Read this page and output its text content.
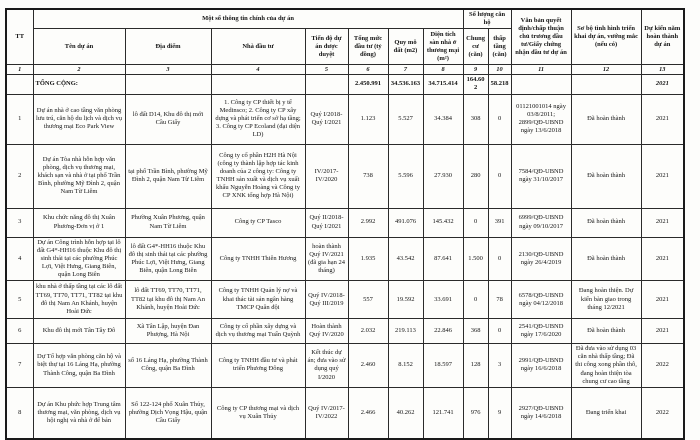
TT	Một số thông tin chính của dự án							Số lượng căn hộ		Văn bản quyết định/chấp thuận chủ trương đầu tư/Giấy chứng nhận đầu tư dự án	Sơ bộ tình hình triển khai dự án, vướng mắc (nếu có)	Dự kiến năm hoàn thành dự án
	Tên dự án	Địa điểm	Nhà đầu tư	Tiến độ dự án được duyệt	Tổng mức đầu tư (tỷ đồng)	Quy mô đất (m2)	Diện tích sàn nhà ở thương mại (m²)	Chung cư (căn)	thấp tầng (căn)			
1	2	3	4	5	6	7	8	9	10	11	12	13
	TỔNG CỘNG:				2.450.991	34.536.163	34.715.414	164.602	58.218			2021
1	Dự án nhà ở cao tầng văn phòng lưu trú, căn hộ du lịch và dịch vụ thương mại Eco Park View	lô đất D14, Khu đô thị mới Cầu Giấy	1. Công ty CP thiết bị y tế Medinsco; 2. Công ty CP xây dựng và phát triển cơ sở hạ tầng; 3. Công ty CP Ecoland (đại diện LD)	Quý I/2018-Quý I/2021	1.123	5.527	34.384	308	0	01121001014 ngày 03/8/2011; 2899/QĐ-UBND ngày 13/6/2018	Đã hoàn thành	2021
2	Dự án Tòa nhà hỗn hợp văn phòng, dịch vụ thương mại, khách sạn và nhà ở tại phố Trần Bình, phường Mỹ Đình 2, quận Nam Từ Liêm	tại phố Trần Bình, phường Mỹ Đình 2, quận Nam Từ Liêm	Công ty cổ phần H2H Hà Nội (công ty thành lập hợp tác kinh doanh của 2 công ty: Công ty TNHH sản xuất và dịch vụ xuất khẩu Nguyễn Hoàng và Công ty CP XNK tổng hợp Hà Nội)	IV/2017-IV/2020	738	5.596	27.930	280	0	7584/QĐ-UBND ngày 31/10/2017	Đã hoàn thành	2021
3	Khu chức năng đô thị Xuân Phương-Đơn vị ở 1	Phường Xuân Phương, quận Nam Từ Liêm	Công ty CP Tasco	Quý II/2018-Quý I/2021	2.992	491.076	145.432	0	391	6999/QĐ-UBND ngày 09/10/2017	Đã hoàn thành	2021
4	Dự án Công trình hỗn hợp tại lô đất G4*-HH16 thuộc Khu đô thị sinh thái tại các phường Phúc Lợi, Việt Hưng, Giang Biên, quận Long Biên	lô đất G4*-HH16 thuộc Khu đô thị sinh thái tại các phường Phúc Lợi, Việt Hưng, Giang Biên, quận Long Biên	Công ty TNHH Thiên Hương	hoàn thành Quý IV/2021 (đã gia hạn 24 tháng)	1.935	43.542	87.641	1.500	0	2130/QĐ-UBND ngày 26/4/2019	Đã hoàn thành	2021
5	khu nhà ở thấp tầng tại các lô đất TT69, TT70, TT71, TT82 tại khu đô thị Nam An Khánh, huyện Hoài Đức	lô đất TT69, TT70, TT71, TT82 tại khu đô thị Nam An Khánh, huyện Hoài Đức	Công ty TNHH Quản lý nợ và khai thác tài sản ngân hàng TMCP Quân đội	Quý IV/2018-Quý III/2019	557	19.592	33.691	0	78	6578/QĐ-UBND ngày 04/12/2018	Đang hoàn thiện. Dự kiến bàn giao trong tháng 12/2021	2021
6	Khu đô thị mới Tân Tây Đô	Xã Tân Lập, huyện Đan Phượng, Hà Nội	Công ty cổ phần xây dựng và dịch vụ thương mại Tuấn Quỳnh	Hoàn thành Quý IV/2020	2.032	219.113	22.846	368	0	2541/QĐ-UBND ngày 17/6/2020	Đã hoàn thành	2021
7	Dự Tổ hợp văn phòng căn hộ và biệt thự tại 16 Láng Hạ, phường Thành Công, quận Ba Đình	số 16 Láng Hạ, phường Thành Công, quận Ba Đình	Công ty TNHH đầu tư và phát triển Phương Đông	Kết thúc dự án; đưa vào sử dụng quý I/2020	2.460	8.152	18.597	128	3	2991/QĐ-UBND ngày 16/6/2018	Đã đưa vào sử dụng 03 căn nhà thấp tầng; Đã thi công xong phần thô, đang hoàn thiện tòa chung cư cao tầng	2022
8	Dự án Khu phức hợp Trung tâm thương mại, văn phòng, dịch vụ hội nghị và nhà ở để bán	Số 122-124 phố Xuân Thủy, phường Dịch Vọng Hậu, quận Cầu Giấy	Công ty CP thương mại và dịch vụ Xuân Thủy	Quý IV/2017-IV/2022	2.466	40.262	121.741	976	9	2927/QĐ-UBND ngày 14/6/2018	Đang triển khai	2022
